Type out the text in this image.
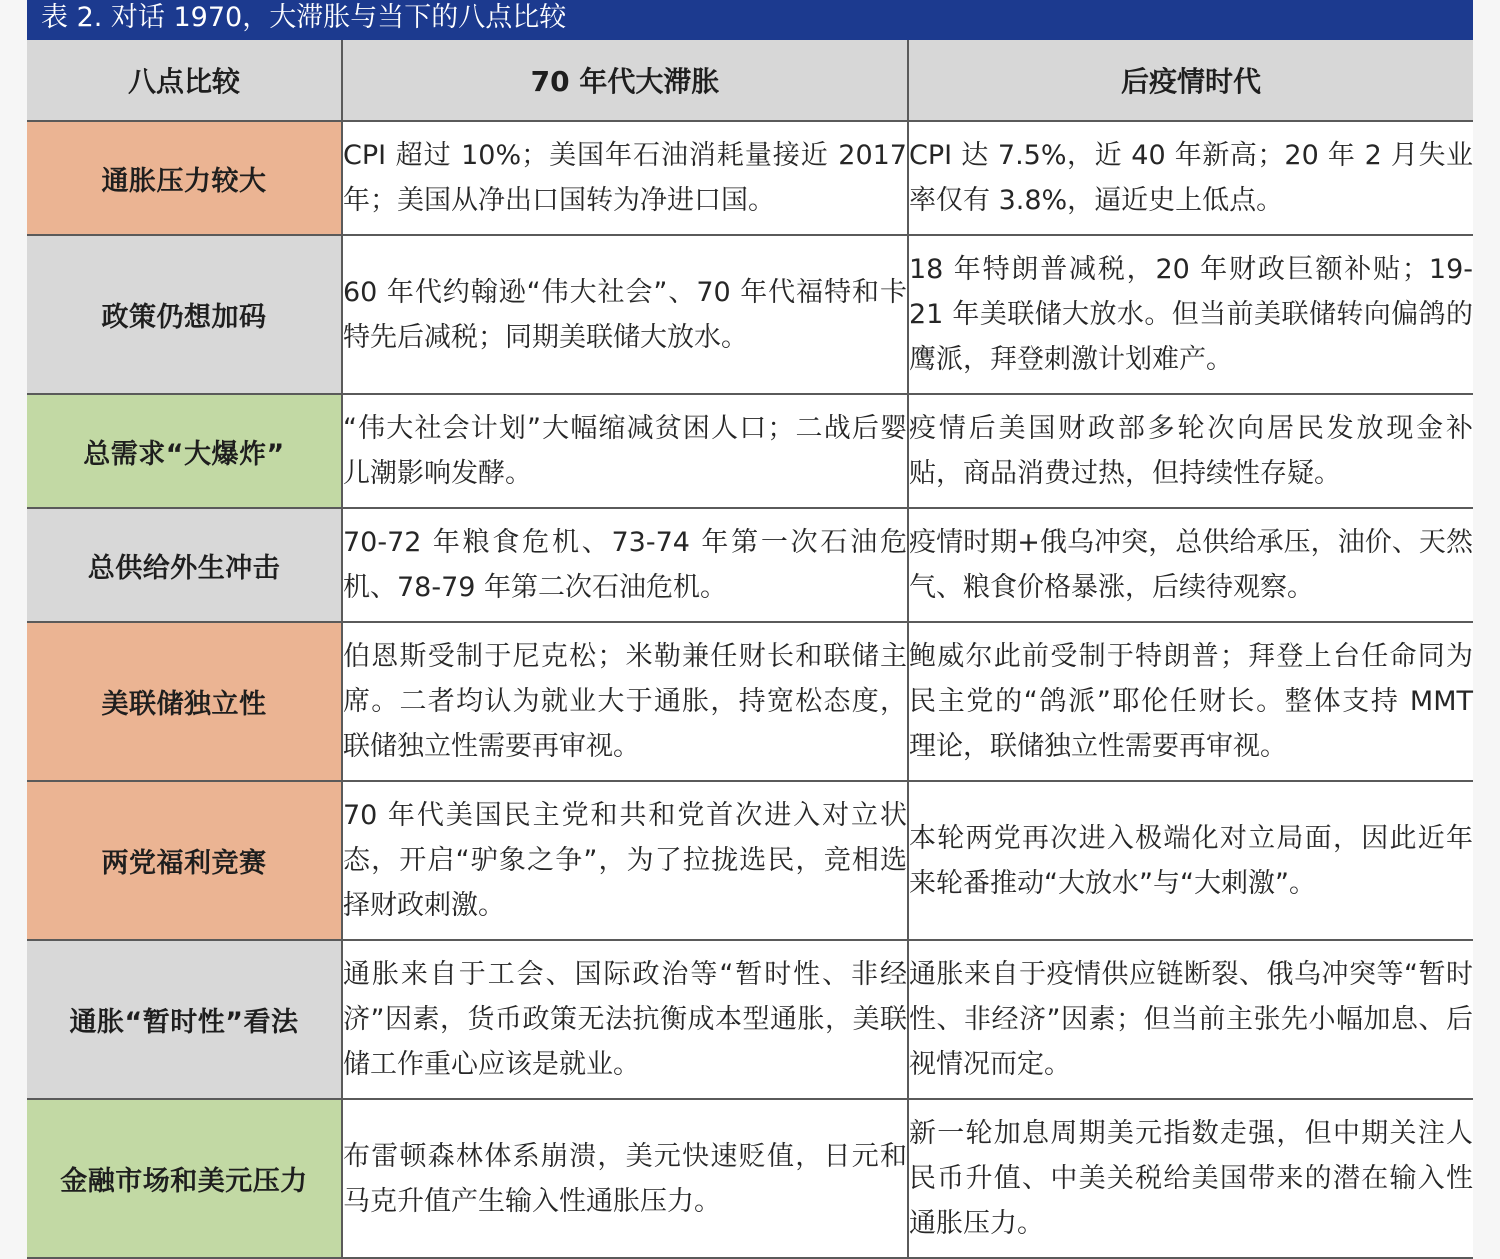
表 2. 对话 1970，大滞胀与当下的八点比较
八点比较	70 年代大滞胀	后疫情时代
通胀压力较大	CPI 超过 10%；美国年石油消耗量接近 2017 年；美国从净出口国转为净进口国。	CPI 达 7.5%，近 40 年新高；20 年 2 月失业率仅有 3.8%，逼近史上低点。
政策仍想加码	60 年代约翰逊“伟大社会”、70 年代福特和卡特先后减税；同期美联储大放水。	18 年特朗普减税，20 年财政巨额补贴；19-21 年美联储大放水。但当前美联储转向偏鸽的鹰派，拜登刺激计划难产。
总需求“大爆炸”	“伟大社会计划”大幅缩减贫困人口；二战后婴儿潮影响发酵。	疫情后美国财政部多轮次向居民发放现金补贴，商品消费过热，但持续性存疑。
总供给外生冲击	70-72 年粮食危机、73-74 年第一次石油危机、78-79 年第二次石油危机。	疫情时期+俄乌冲突，总供给承压，油价、天然气、粮食价格暴涨，后续待观察。
美联储独立性	伯恩斯受制于尼克松；米勒兼任财长和联储主席。二者均认为就业大于通胀，持宽松态度，联储独立性需要再审视。	鲍威尔此前受制于特朗普；拜登上台任命同为民主党的“鸽派”耶伦任财长。整体支持 MMT 理论，联储独立性需要再审视。
两党福利竞赛	70 年代美国民主党和共和党首次进入对立状态，开启“驴象之争”，为了拉拢选民，竞相选择财政刺激。	本轮两党再次进入极端化对立局面，因此近年来轮番推动“大放水”与“大刺激”。
通胀“暂时性”看法	通胀来自于工会、国际政治等“暂时性、非经济”因素，货币政策无法抗衡成本型通胀，美联储工作重心应该是就业。	通胀来自于疫情供应链断裂、俄乌冲突等“暂时性、非经济”因素；但当前主张先小幅加息、后视情况而定。
金融市场和美元压力	布雷顿森林体系崩溃，美元快速贬值，日元和马克升值产生输入性通胀压力。	新一轮加息周期美元指数走强，但中期关注人民币升值、中美关税给美国带来的潜在输入性通胀压力。
